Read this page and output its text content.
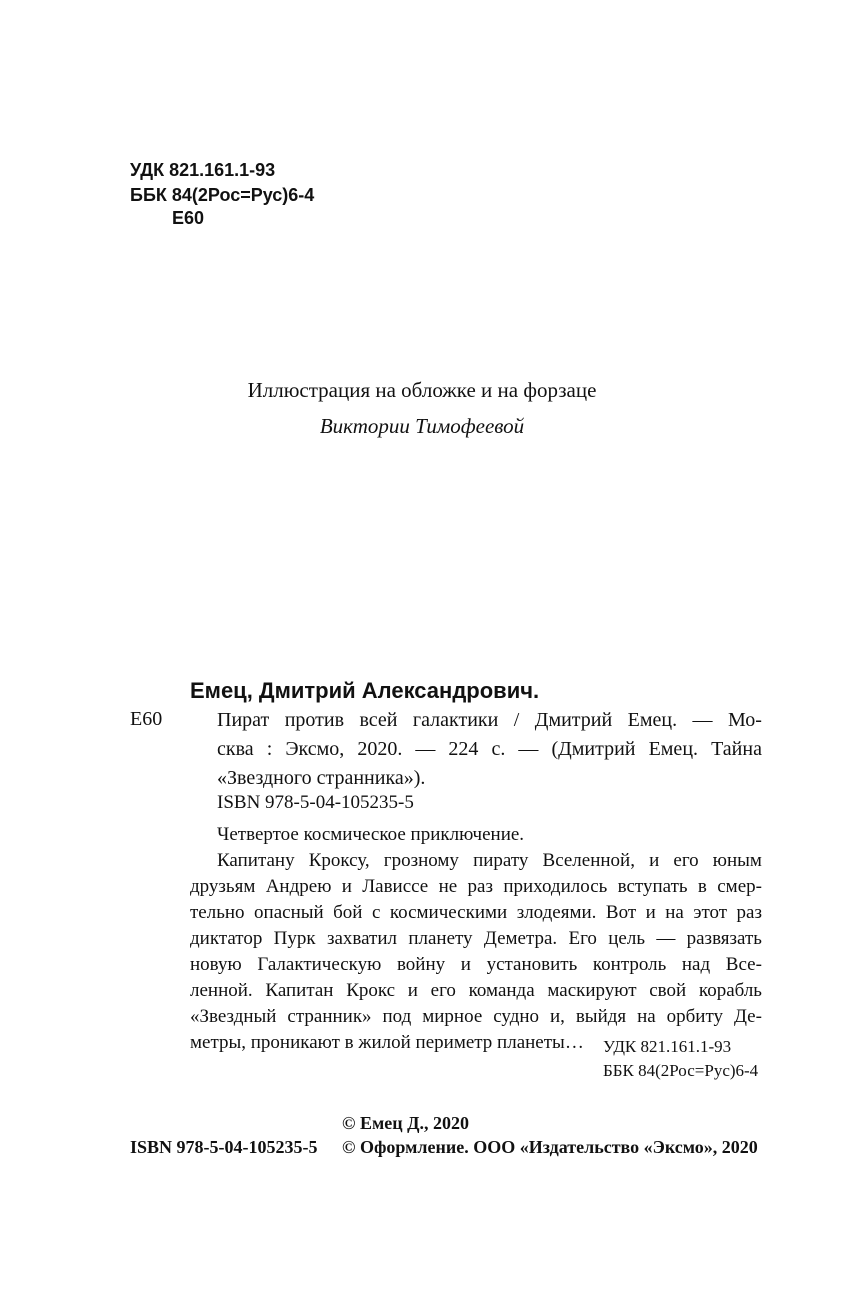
УДК 821.161.1-93
ББК 84(2Рос=Рус)6-4
Е60
Иллюстрация на обложке и на форзаце
Виктории Тимофеевой
Емец, Дмитрий Александрович.
Е60	Пират против всей галактики / Дмитрий Емец. — Мо-
сква : Эксмо, 2020. — 224 с. — (Дмитрий Емец. Тайна
«Звездного странника»).
ISBN 978-5-04-105235-5
Четвертое космическое приключение.
Капитану Кроксу, грозному пирату Вселенной, и его юным
друзьям Андрею и Лависсе не раз приходилось вступать в смер-
тельно опасный бой с космическими злодеями. Вот и на этот раз
диктатор Пурк захватил планету Деметра. Его цель — развязать
новую Галактическую войну и установить контроль над Все-
ленной. Капитан Крокс и его команда маскируют свой корабль
«Звездный странник» под мирное судно и, выйдя на орбиту Де-
метры, проникают в жилой периметр планеты…	УДК 821.161.1-93
ББК 84(2Рос=Рус)6-4
© Емец Д., 2020
ISBN 978-5-04-105235-5 © Оформление. ООО «Издательство «Эксмо», 2020
